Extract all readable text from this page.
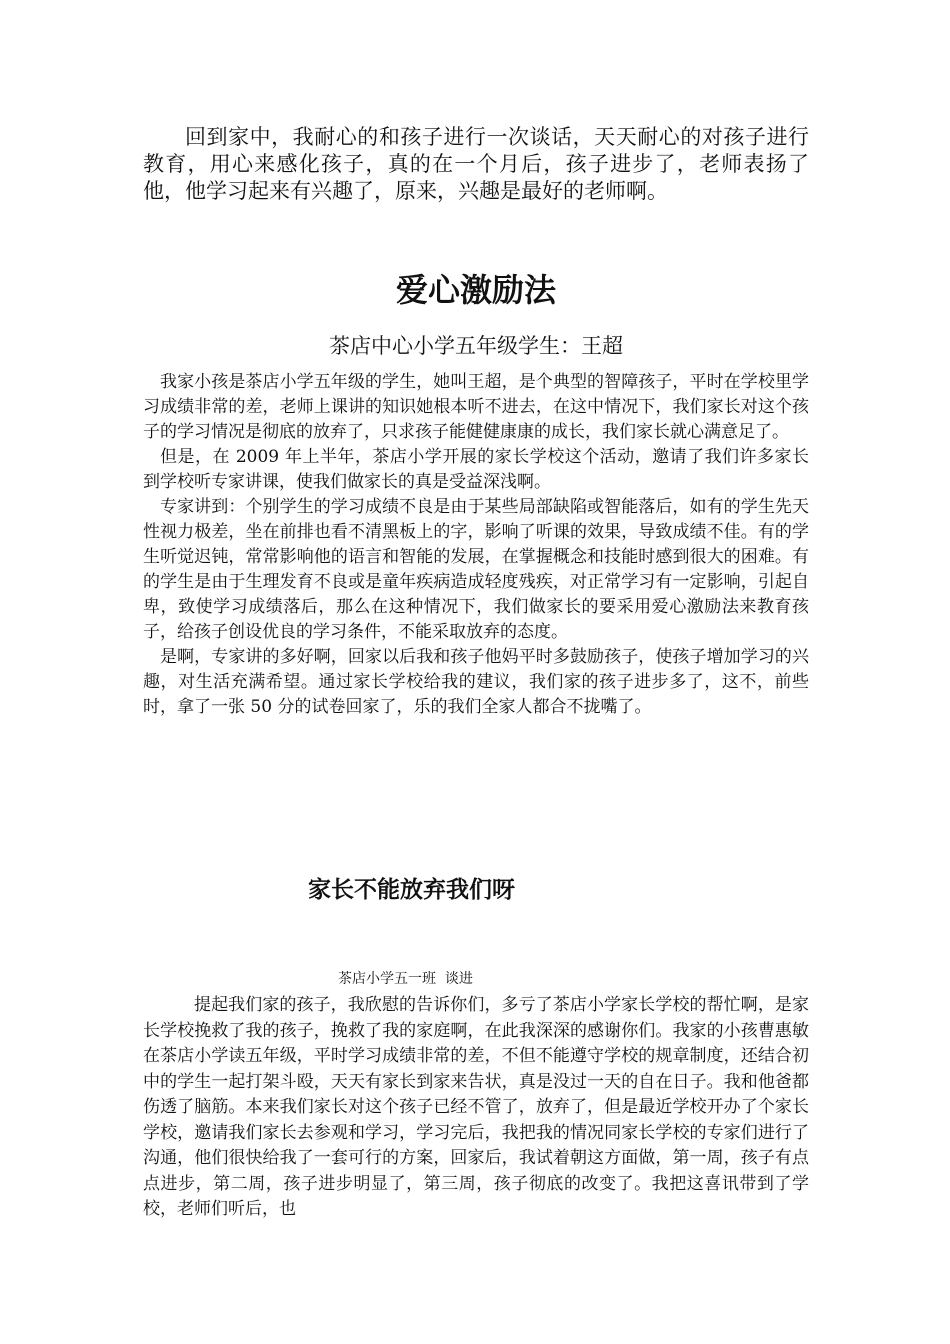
回到家中，我耐心的和孩子进行一次谈话，天天耐心的对孩子进行教育，用心来感化孩子，真的在一个月后，孩子进步了，老师表扬了他，他学习起来有兴趣了，原来，兴趣是最好的老师啊。

爱心激励法
茶店中心小学五年级学生：王超

我家小孩是茶店小学五年级的学生，她叫王超，是个典型的智障孩子，平时在学校里学习成绩非常的差，老师上课讲的知识她根本听不进去，在这中情况下，我们家长对这个孩子的学习情况是彻底的放弃了，只求孩子能健健康康的成长，我们家长就心满意足了。

但是，在 2009 年上半年，茶店小学开展的家长学校这个活动，邀请了我们许多家长到学校听专家讲课，使我们做家长的真是受益深浅啊。

专家讲到：个别学生的学习成绩不良是由于某些局部缺陷或智能落后，如有的学生先天性视力极差，坐在前排也看不清黑板上的字，影响了听课的效果，导致成绩不佳。有的学生听觉迟钝，常常影响他的语言和智能的发展，在掌握概念和技能时感到很大的困难。有的学生是由于生理发育不良或是童年疾病造成轻度残疾，对正常学习有一定影响，引起自卑，致使学习成绩落后，那么在这种情况下，我们做家长的要采用爱心激励法来教育孩子，给孩子创设优良的学习条件，不能采取放弃的态度。

是啊，专家讲的多好啊，回家以后我和孩子他妈平时多鼓励孩子，使孩子增加学习的兴趣，对生活充满希望。通过家长学校给我的建议，我们家的孩子进步多了，这不，前些时，拿了一张 50 分的试卷回家了，乐的我们全家人都合不拢嘴了。

家长不能放弃我们呀
茶店小学五一班  谈进

提起我们家的孩子，我欣慰的告诉你们，多亏了茶店小学家长学校的帮忙啊，是家长学校挽救了我的孩子，挽救了我的家庭啊，在此我深深的感谢你们。我家的小孩曹惠敏在茶店小学读五年级，平时学习成绩非常的差，不但不能遵守学校的规章制度，还结合初中的学生一起打架斗殴，天天有家长到家来告状，真是没过一天的自在日子。我和他爸都伤透了脑筋。本来我们家长对这个孩子已经不管了，放弃了，但是最近学校开办了个家长学校，邀请我们家长去参观和学习，学习完后，我把我的情况同家长学校的专家们进行了沟通，他们很快给我了一套可行的方案，回家后，我试着朝这方面做，第一周，孩子有点点进步，第二周，孩子进步明显了，第三周，孩子彻底的改变了。我把这喜讯带到了学校，老师们听后，也
